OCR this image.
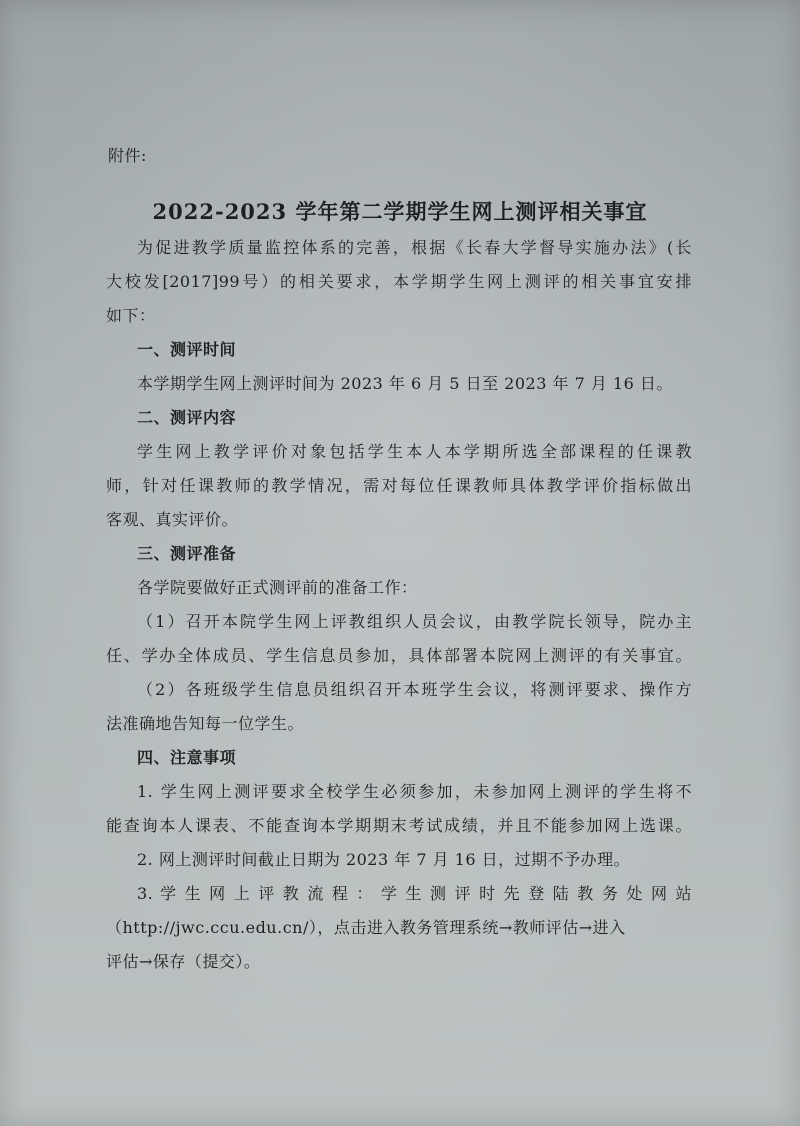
附件:
2022-2023 学年第二学期学生网上测评相关事宜
为促进教学质量监控体系的完善，根据《长春大学督导实施办法》(长
大校发[2017]99号）的相关要求，本学期学生网上测评的相关事宜安排
如下：
一、测评时间
本学期学生网上测评时间为 2023 年 6 月 5 日至 2023 年 7 月 16 日。
二、测评内容
学生网上教学评价对象包括学生本人本学期所选全部课程的任课教
师，针对任课教师的教学情况，需对每位任课教师具体教学评价指标做出
客观、真实评价。
三、测评准备
各学院要做好正式测评前的准备工作：
（1）召开本院学生网上评教组织人员会议，由教学院长领导，院办主
任、学办全体成员、学生信息员参加，具体部署本院网上测评的有关事宜。
（2）各班级学生信息员组织召开本班学生会议，将测评要求、操作方
法准确地告知每一位学生。
四、注意事项
1. 学生网上测评要求全校学生必须参加，未参加网上测评的学生将不
能查询本人课表、不能查询本学期期末考试成绩，并且不能参加网上选课。
2. 网上测评时间截止日期为 2023 年 7 月 16 日，过期不予办理。
3. 学 生 网 上 评 教 流 程 ： 学 生 测 评 时 先 登 陆 教 务 处 网 站
（http://jwc.ccu.edu.cn/），点击进入教务管理系统→教师评估→进入
评估→保存（提交）。
